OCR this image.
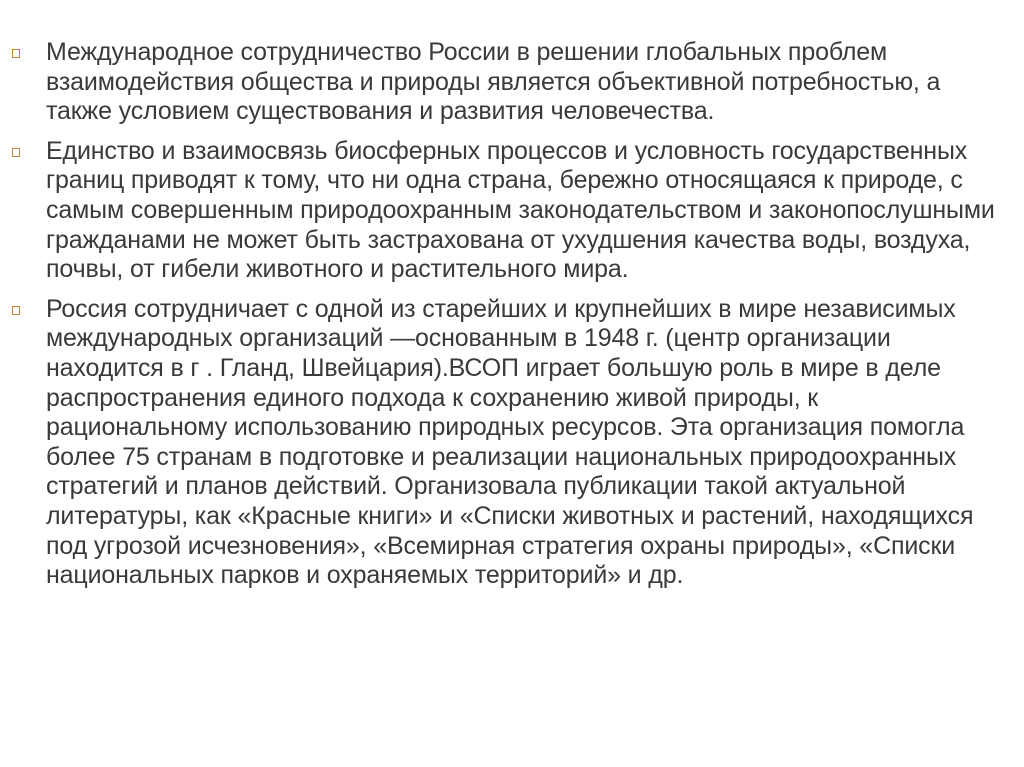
Международное сотрудничество России в решении глобальных проблем взаимодействия общества и природы является объективной потребностью, а также условием существования и развития человечества.
Единство и взаимосвязь биосферных процессов и условность государственных границ приводят к тому, что ни одна страна, бережно относящаяся к природе, с самым совершенным природоохранным законодательством и законопослушными гражданами не может быть застрахована от ухудшения качества воды, воздуха, почвы, от гибели животного и растительного мира.
Россия сотрудничает с одной из старейших и крупнейших в мире независимых международных организаций —основанным в 1948 г. (центр организации находится в г . Гланд, Швейцария).ВСОП играет большую роль в мире в деле распространения единого подхода к сохранению живой природы, к рациональному использованию природных ресурсов. Эта организация помогла более 75 странам в подготовке и реализации национальных природоохранных стратегий и планов действий. Организовала публикации такой актуальной литературы, как «Красные книги» и «Списки животных и растений, находящихся под угрозой исчезновения», «Всемирная стратегия охраны природы», «Списки национальных парков и охраняемых территорий» и др.
